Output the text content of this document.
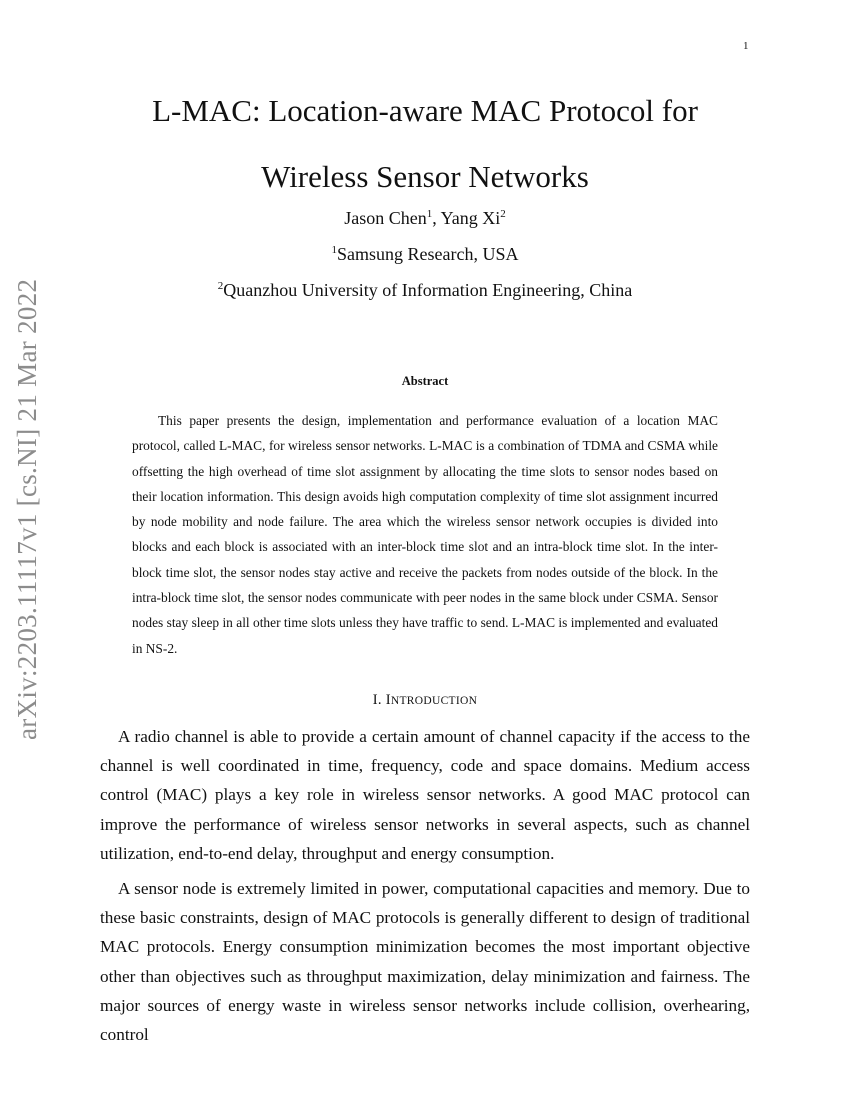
1
arXiv:2203.11117v1 [cs.NI] 21 Mar 2022
L-MAC: Location-aware MAC Protocol for
Wireless Sensor Networks
Jason Chen$^1$, Yang Xi$^2$
$^1$Samsung Research, USA
$^2$Quanzhou University of Information Engineering, China
Abstract

This paper presents the design, implementation and performance evaluation of a location MAC protocol, called L-MAC, for wireless sensor networks. L-MAC is a combination of TDMA and CSMA while offsetting the high overhead of time slot assignment by allocating the time slots to sensor nodes based on their location information. This design avoids high computation complexity of time slot assignment incurred by node mobility and node failure. The area which the wireless sensor network occupies is divided into blocks and each block is associated with an inter-block time slot and an intra-block time slot. In the inter-block time slot, the sensor nodes stay active and receive the packets from nodes outside of the block. In the intra-block time slot, the sensor nodes communicate with peer nodes in the same block under CSMA. Sensor nodes stay sleep in all other time slots unless they have traffic to send. L-MAC is implemented and evaluated in NS-2.

I. INTRODUCTION

A radio channel is able to provide a certain amount of channel capacity if the access to the channel is well coordinated in time, frequency, code and space domains. Medium access control (MAC) plays a key role in wireless sensor networks. A good MAC protocol can improve the performance of wireless sensor networks in several aspects, such as channel utilization, end-to-end delay, throughput and energy consumption.

A sensor node is extremely limited in power, computational capacities and memory. Due to these basic constraints, design of MAC protocols is generally different to design of traditional MAC protocols. Energy consumption minimization becomes the most important objective other than objectives such as throughput maximization, delay minimization and fairness. The major sources of energy waste in wireless sensor networks include collision, overhearing, control
